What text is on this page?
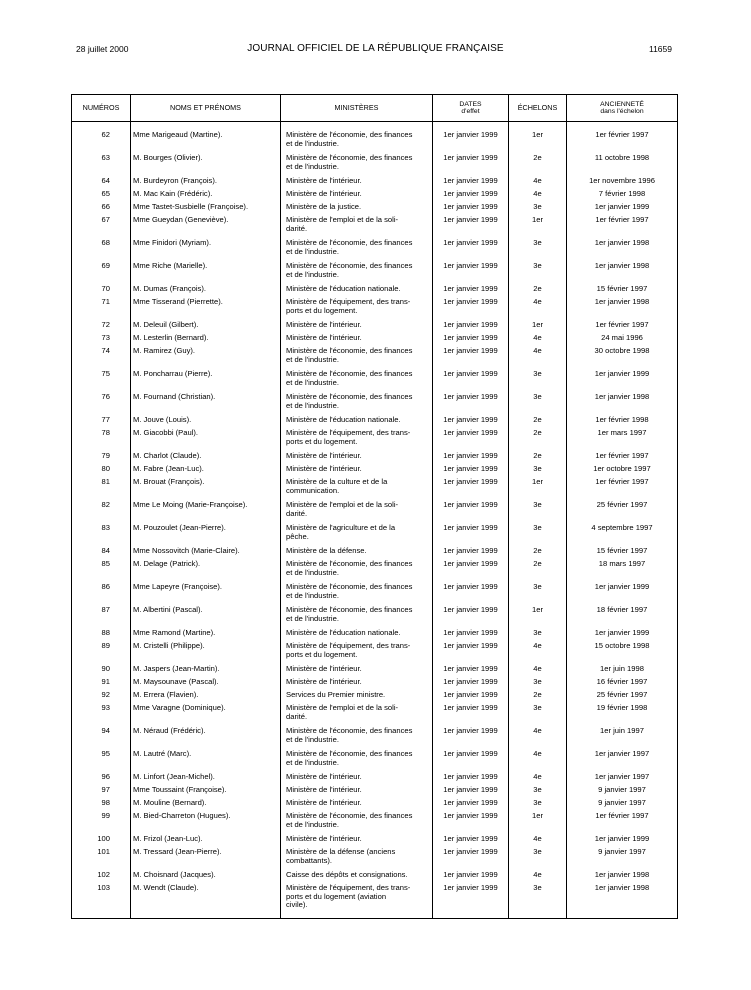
28 juillet 2000	JOURNAL OFFICIEL DE LA RÉPUBLIQUE FRANÇAISE	11659
NUMÉROS	NOMS ET PRÉNOMS	MINISTÈRES	DATES
d'effet	ÉCHELONS	ANCIENNETÉ
dans l'échelon

62	Mme Marigeaud (Martine).	Ministère de l'économie, des finances
et de l'industrie.	1er janvier 1999	1er	1er février 1997
63	M. Bourges (Olivier).	Ministère de l'économie, des finances
et de l'industrie.	1er janvier 1999	2e	11 octobre 1998
64	M. Burdeyron (François).	Ministère de l'intérieur.	1er janvier 1999	4e	1er novembre 1996
65	M. Mac Kain (Frédéric).	Ministère de l'intérieur.	1er janvier 1999	4e	7 février 1998
66	Mme Tastet-Susbielle (Françoise).	Ministère de la justice.	1er janvier 1999	3e	1er janvier 1999
67	Mme Gueydan (Geneviève).	Ministère de l'emploi et de la soli-
darité.	1er janvier 1999	1er	1er février 1997
68	Mme Finidori (Myriam).	Ministère de l'économie, des finances
et de l'industrie.	1er janvier 1999	3e	1er janvier 1998
69	Mme Riche (Marielle).	Ministère de l'économie, des finances
et de l'industrie.	1er janvier 1999	3e	1er janvier 1998
70	M. Dumas (François).	Ministère de l'éducation nationale.	1er janvier 1999	2e	15 février 1997
71	Mme Tisserand (Pierrette).	Ministère de l'équipement, des trans-
ports et du logement.	1er janvier 1999	4e	1er janvier 1998
72	M. Deleuil (Gilbert).	Ministère de l'intérieur.	1er janvier 1999	1er	1er février 1997
73	M. Lesterlin (Bernard).	Ministère de l'intérieur.	1er janvier 1999	4e	24 mai 1996
74	M. Ramirez (Guy).	Ministère de l'économie, des finances
et de l'industrie.	1er janvier 1999	4e	30 octobre 1998
75	M. Poncharrau (Pierre).	Ministère de l'économie, des finances
et de l'industrie.	1er janvier 1999	3e	1er janvier 1999
76	M. Fournand (Christian).	Ministère de l'économie, des finances
et de l'industrie.	1er janvier 1999	3e	1er janvier 1998
77	M. Jouve (Louis).	Ministère de l'éducation nationale.	1er janvier 1999	2e	1er février 1998
78	M. Giacobbi (Paul).	Ministère de l'équipement, des trans-
ports et du logement.	1er janvier 1999	2e	1er mars 1997
79	M. Charlot (Claude).	Ministère de l'intérieur.	1er janvier 1999	2e	1er février 1997
80	M. Fabre (Jean-Luc).	Ministère de l'intérieur.	1er janvier 1999	3e	1er octobre 1997
81	M. Brouat (François).	Ministère de la culture et de la
communication.	1er janvier 1999	1er	1er février 1997
82	Mme Le Moing (Marie-Françoise).	Ministère de l'emploi et de la soli-
darité.	1er janvier 1999	3e	25 février 1997
83	M. Pouzoulet (Jean-Pierre).	Ministère de l'agriculture et de la
pêche.	1er janvier 1999	3e	4 septembre 1997
84	Mme Nossovitch (Marie-Claire).	Ministère de la défense.	1er janvier 1999	2e	15 février 1997
85	M. Delage (Patrick).	Ministère de l'économie, des finances
et de l'industrie.	1er janvier 1999	2e	18 mars 1997
86	Mme Lapeyre (Françoise).	Ministère de l'économie, des finances
et de l'industrie.	1er janvier 1999	3e	1er janvier 1999
87	M. Albertini (Pascal).	Ministère de l'économie, des finances
et de l'industrie.	1er janvier 1999	1er	18 février 1997
88	Mme Ramond (Martine).	Ministère de l'éducation nationale.	1er janvier 1999	3e	1er janvier 1999
89	M. Cristelli (Philippe).	Ministère de l'équipement, des trans-
ports et du logement.	1er janvier 1999	4e	15 octobre 1998
90	M. Jaspers (Jean-Martin).	Ministère de l'intérieur.	1er janvier 1999	4e	1er juin 1998
91	M. Maysounave (Pascal).	Ministère de l'intérieur.	1er janvier 1999	3e	16 février 1997
92	M. Errera (Flavien).	Services du Premier ministre.	1er janvier 1999	2e	25 février 1997
93	Mme Varagne (Dominique).	Ministère de l'emploi et de la soli-
darité.	1er janvier 1999	3e	19 février 1998
94	M. Néraud (Frédéric).	Ministère de l'économie, des finances
et de l'industrie.	1er janvier 1999	4e	1er juin 1997
95	M. Lautré (Marc).	Ministère de l'économie, des finances
et de l'industrie.	1er janvier 1999	4e	1er janvier 1997
96	M. Linfort (Jean-Michel).	Ministère de l'intérieur.	1er janvier 1999	4e	1er janvier 1997
97	Mme Toussaint (Françoise).	Ministère de l'intérieur.	1er janvier 1999	3e	9 janvier 1997
98	M. Mouline (Bernard).	Ministère de l'intérieur.	1er janvier 1999	3e	9 janvier 1997
99	M. Bied-Charreton (Hugues).	Ministère de l'économie, des finances
et de l'industrie.	1er janvier 1999	1er	1er février 1997
100	M. Frizol (Jean-Luc).	Ministère de l'intérieur.	1er janvier 1999	4e	1er janvier 1999
101	M. Tressard (Jean-Pierre).	Ministère de la défense (anciens
combattants).	1er janvier 1999	3e	9 janvier 1997
102	M. Choisnard (Jacques).	Caisse des dépôts et consignations.	1er janvier 1999	4e	1er janvier 1998
103	M. Wendt (Claude).	Ministère de l'équipement, des trans-
ports et du logement (aviation
civile).	1er janvier 1999	3e	1er janvier 1998
